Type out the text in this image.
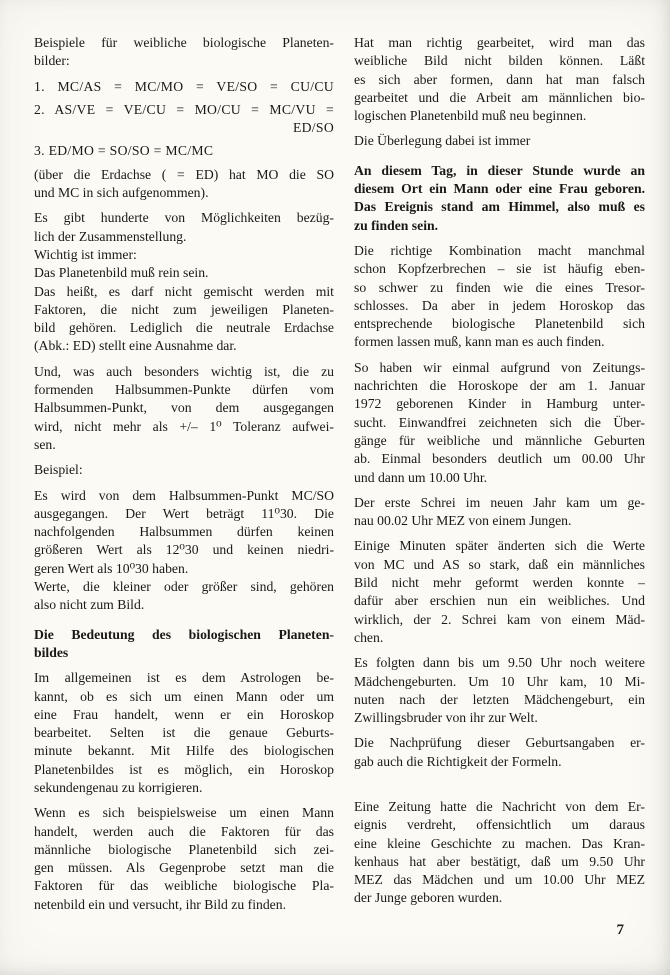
Beispiele für weibliche biologische Planeten-
bilder:
1. MC/AS = MC/MO = VE/SO = CU/CU
2. AS/VE = VE/CU = MO/CU = MC/VU =
ED/SO
3. ED/MO = SO/SO = MC/MC
(über die Erdachse ( = ED) hat MO die SO
und MC in sich aufgenommen).
Es gibt hunderte von Möglichkeiten bezüg-
lich der Zusammenstellung.
Wichtig ist immer:
Das Planetenbild muß rein sein.
Das heißt, es darf nicht gemischt werden mit
Faktoren, die nicht zum jeweiligen Planeten-
bild gehören. Lediglich die neutrale Erdachse
(Abk.: ED) stellt eine Ausnahme dar.
Und, was auch besonders wichtig ist, die zu
formenden Halbsummen-Punkte dürfen vom
Halbsummen-Punkt, von dem ausgegangen
wird, nicht mehr als +/– 1⁰ Toleranz aufwei-
sen.
Beispiel:
Es wird von dem Halbsummen-Punkt MC/SO
ausgegangen. Der Wert beträgt 11⁰30. Die
nachfolgenden Halbsummen dürfen keinen
größeren Wert als 12⁰30 und keinen niedri-
geren Wert als 10⁰30 haben.
Werte, die kleiner oder größer sind, gehören
also nicht zum Bild.
Die Bedeutung des biologischen Planeten-
bildes
Im allgemeinen ist es dem Astrologen be-
kannt, ob es sich um einen Mann oder um
eine Frau handelt, wenn er ein Horoskop
bearbeitet. Selten ist die genaue Geburts-
minute bekannt. Mit Hilfe des biologischen
Planetenbildes ist es möglich, ein Horoskop
sekundengenau zu korrigieren.
Wenn es sich beispielsweise um einen Mann
handelt, werden auch die Faktoren für das
männliche biologische Planetenbild sich zei-
gen müssen. Als Gegenprobe setzt man die
Faktoren für das weibliche biologische Pla-
netenbild ein und versucht, ihr Bild zu finden.
Hat man richtig gearbeitet, wird man das
weibliche Bild nicht bilden können. Läßt
es sich aber formen, dann hat man falsch
gearbeitet und die Arbeit am männlichen bio-
logischen Planetenbild muß neu beginnen.
Die Überlegung dabei ist immer
An diesem Tag, in dieser Stunde wurde an
diesem Ort ein Mann oder eine Frau geboren.
Das Ereignis stand am Himmel, also muß es
zu finden sein.
Die richtige Kombination macht manchmal
schon Kopfzerbrechen – sie ist häufig eben-
so schwer zu finden wie die eines Tresor-
schlosses. Da aber in jedem Horoskop das
entsprechende biologische Planetenbild sich
formen lassen muß, kann man es auch finden.
So haben wir einmal aufgrund von Zeitungs-
nachrichten die Horoskope der am 1. Januar
1972 geborenen Kinder in Hamburg unter-
sucht. Einwandfrei zeichneten sich die Über-
gänge für weibliche und männliche Geburten
ab. Einmal besonders deutlich um 00.00 Uhr
und dann um 10.00 Uhr.
Der erste Schrei im neuen Jahr kam um ge-
nau 00.02 Uhr MEZ von einem Jungen.
Einige Minuten später änderten sich die Werte
von MC und AS so stark, daß ein männliches
Bild nicht mehr geformt werden konnte –
dafür aber erschien nun ein weibliches. Und
wirklich, der 2. Schrei kam von einem Mäd-
chen.
Es folgten dann bis um 9.50 Uhr noch weitere
Mädchengeburten. Um 10 Uhr kam, 10 Mi-
nuten nach der letzten Mädchengeburt, ein
Zwillingsbruder von ihr zur Welt.
Die Nachprüfung dieser Geburtsangaben er-
gab auch die Richtigkeit der Formeln.
Eine Zeitung hatte die Nachricht von dem Er-
eignis verdreht, offensichtlich um daraus
eine kleine Geschichte zu machen. Das Kran-
kenhaus hat aber bestätigt, daß um 9.50 Uhr
MEZ das Mädchen und um 10.00 Uhr MEZ
der Junge geboren wurden.
7
